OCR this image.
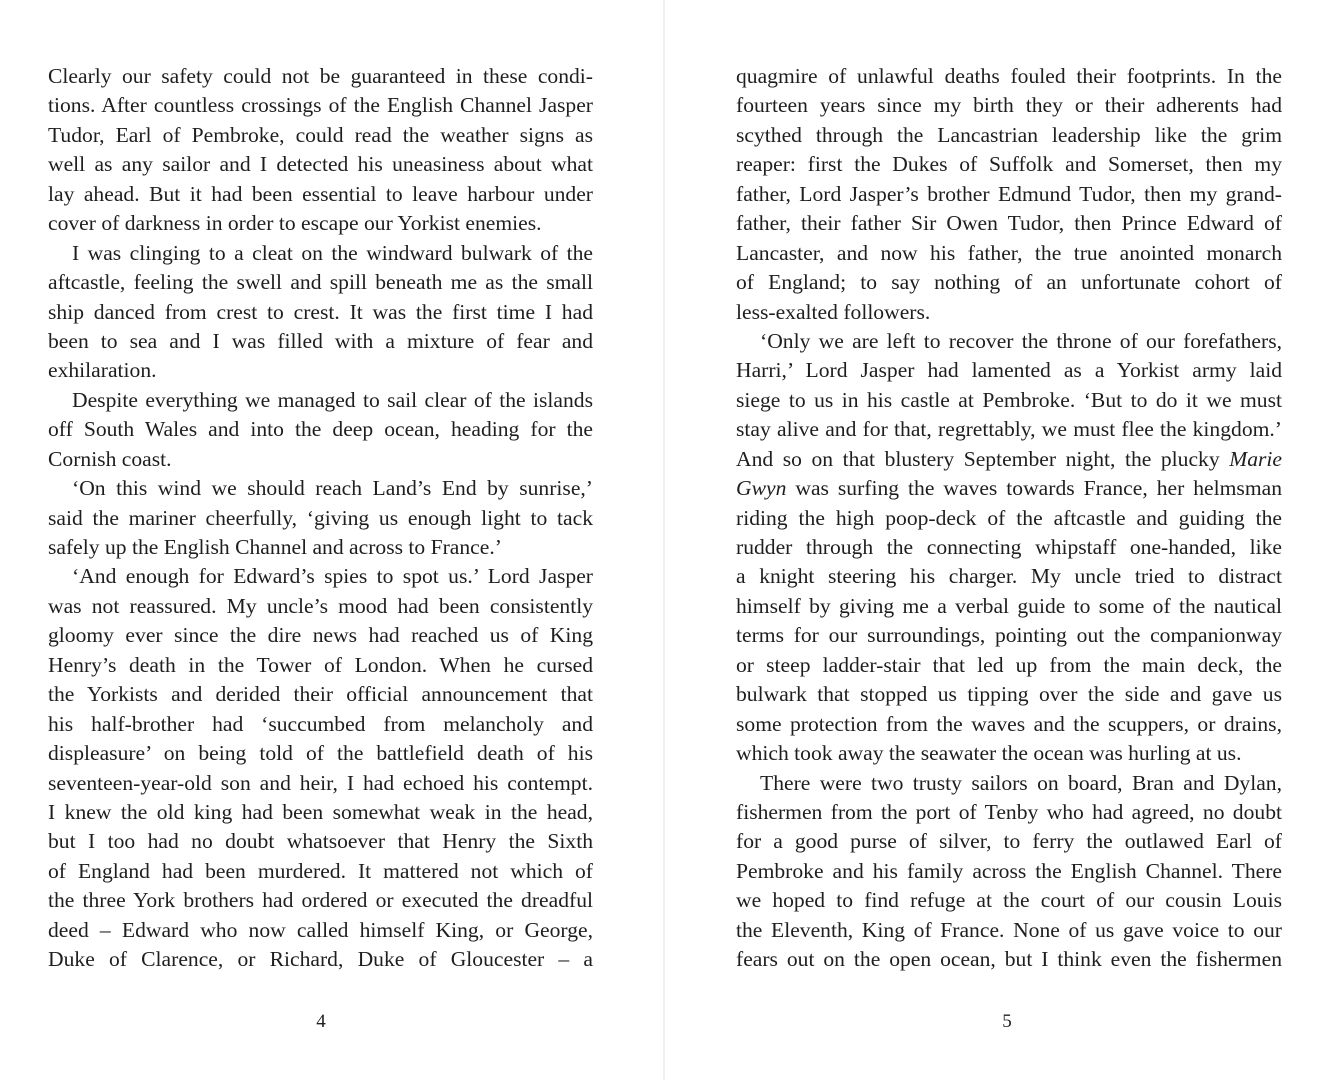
Clearly our safety could not be guaranteed in these condi-
tions. After countless crossings of the English Channel Jasper
Tudor, Earl of Pembroke, could read the weather signs as
well as any sailor and I detected his uneasiness about what
lay ahead. But it had been essential to leave harbour under
cover of darkness in order to escape our Yorkist enemies.
I was clinging to a cleat on the windward bulwark of the
aftcastle, feeling the swell and spill beneath me as the small
ship danced from crest to crest. It was the first time I had
been to sea and I was filled with a mixture of fear and
exhilaration.
Despite everything we managed to sail clear of the islands
off South Wales and into the deep ocean, heading for the
Cornish coast.
‘On this wind we should reach Land’s End by sunrise,’
said the mariner cheerfully, ‘giving us enough light to tack
safely up the English Channel and across to France.’
‘And enough for Edward’s spies to spot us.’ Lord Jasper
was not reassured. My uncle’s mood had been consistently
gloomy ever since the dire news had reached us of King
Henry’s death in the Tower of London. When he cursed
the Yorkists and derided their official announcement that
his half-brother had ‘succumbed from melancholy and
displeasure’ on being told of the battlefield death of his
seventeen-year-old son and heir, I had echoed his contempt.
I knew the old king had been somewhat weak in the head,
but I too had no doubt whatsoever that Henry the Sixth
of England had been murdered. It mattered not which of
the three York brothers had ordered or executed the dreadful
deed – Edward who now called himself King, or George,
Duke of Clarence, or Richard, Duke of Gloucester – a
4
quagmire of unlawful deaths fouled their footprints. In the
fourteen years since my birth they or their adherents had
scythed through the Lancastrian leadership like the grim
reaper: first the Dukes of Suffolk and Somerset, then my
father, Lord Jasper’s brother Edmund Tudor, then my grand-
father, their father Sir Owen Tudor, then Prince Edward of
Lancaster, and now his father, the true anointed monarch
of England; to say nothing of an unfortunate cohort of
less-exalted followers.
‘Only we are left to recover the throne of our forefathers,
Harri,’ Lord Jasper had lamented as a Yorkist army laid
siege to us in his castle at Pembroke. ‘But to do it we must
stay alive and for that, regrettably, we must flee the kingdom.’
And so on that blustery September night, the plucky Marie
Gwyn was surfing the waves towards France, her helmsman
riding the high poop-deck of the aftcastle and guiding the
rudder through the connecting whipstaff one-handed, like
a knight steering his charger. My uncle tried to distract
himself by giving me a verbal guide to some of the nautical
terms for our surroundings, pointing out the companionway
or steep ladder-stair that led up from the main deck, the
bulwark that stopped us tipping over the side and gave us
some protection from the waves and the scuppers, or drains,
which took away the seawater the ocean was hurling at us.
There were two trusty sailors on board, Bran and Dylan,
fishermen from the port of Tenby who had agreed, no doubt
for a good purse of silver, to ferry the outlawed Earl of
Pembroke and his family across the English Channel. There
we hoped to find refuge at the court of our cousin Louis
the Eleventh, King of France. None of us gave voice to our
fears out on the open ocean, but I think even the fishermen
5
